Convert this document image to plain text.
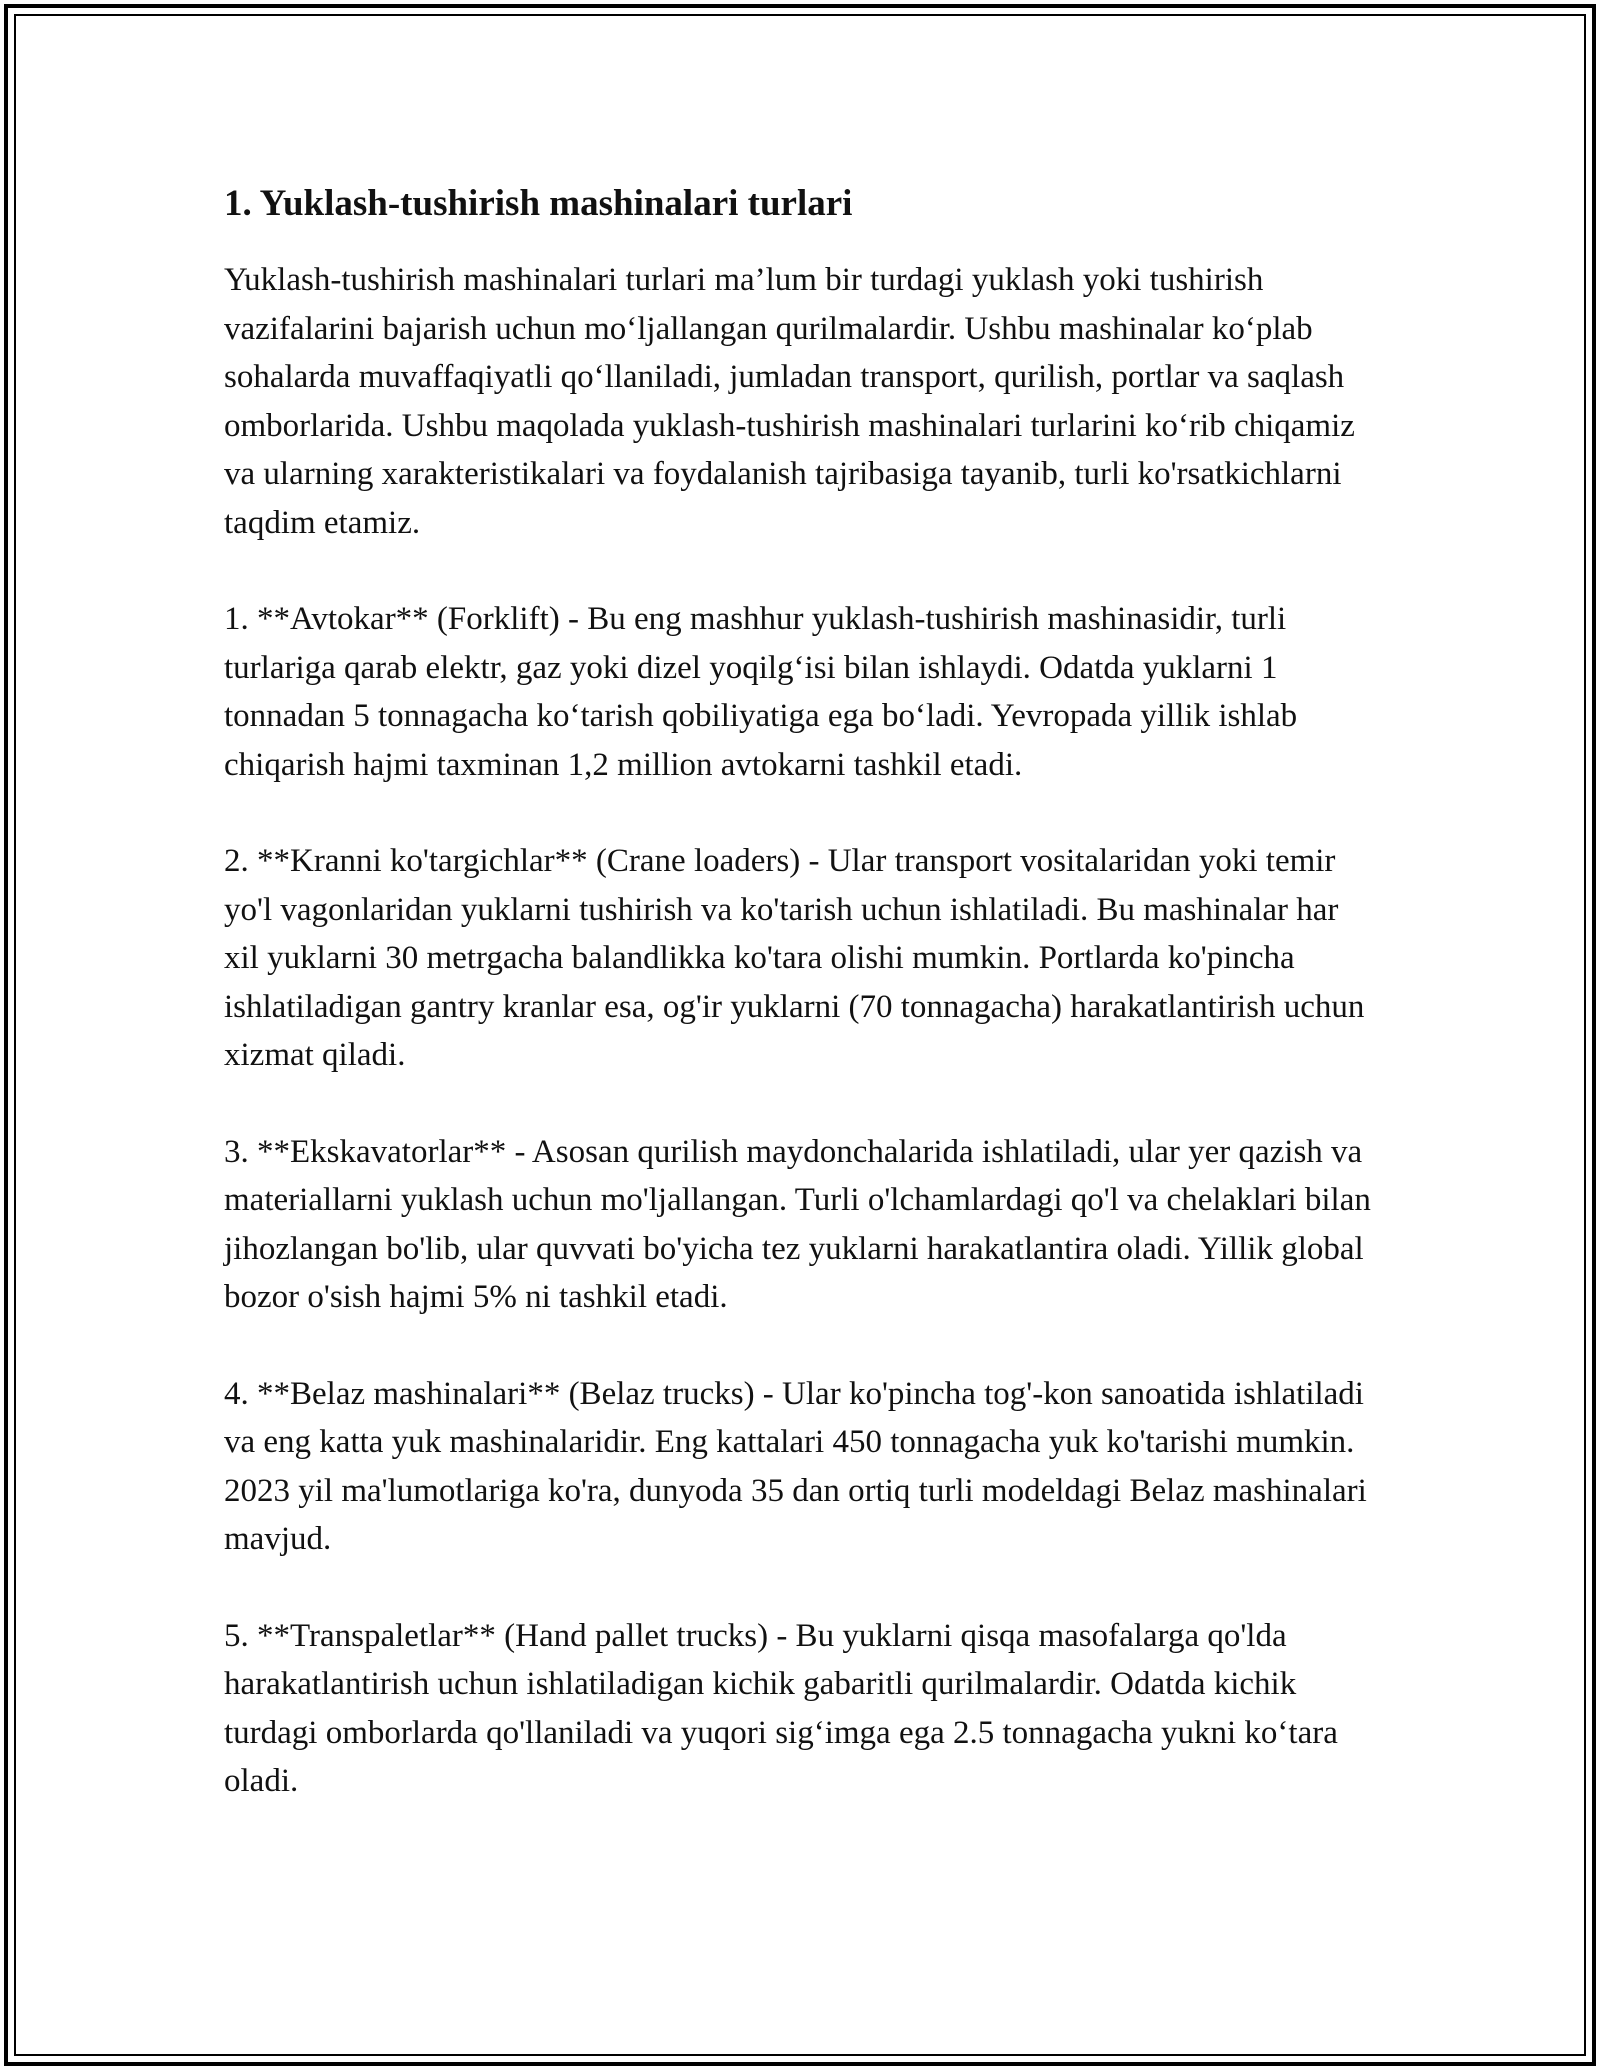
1. Yuklash-tushirish mashinalari turlari

Yuklash-tushirish mashinalari turlari ma’lum bir turdagi yuklash yoki tushirish vazifalarini bajarish uchun mo‘ljallangan qurilmalardir. Ushbu mashinalar ko‘plab sohalarda muvaffaqiyatli qo‘llaniladi, jumladan transport, qurilish, portlar va saqlash omborlarida. Ushbu maqolada yuklash-tushirish mashinalari turlarini ko‘rib chiqamiz va ularning xarakteristikalari va foydalanish tajribasiga tayanib, turli ko'rsatkichlarni taqdim etamiz.

1. **Avtokar** (Forklift) - Bu eng mashhur yuklash-tushirish mashinasidir, turli turlariga qarab elektr, gaz yoki dizel yoqilg‘isi bilan ishlaydi. Odatda yuklarni 1 tonnadan 5 tonnagacha ko‘tarish qobiliyatiga ega bo‘ladi. Yevropada yillik ishlab chiqarish hajmi taxminan 1,2 million avtokarni tashkil etadi.

2. **Kranni ko'targichlar** (Crane loaders) - Ular transport vositalaridan yoki temir yo'l vagonlaridan yuklarni tushirish va ko'tarish uchun ishlatiladi. Bu mashinalar har xil yuklarni 30 metrgacha balandlikka ko'tara olishi mumkin. Portlarda ko'pincha ishlatiladigan gantry kranlar esa, og'ir yuklarni (70 tonnagacha) harakatlantirish uchun xizmat qiladi.

3. **Ekskavatorlar** - Asosan qurilish maydonchalarida ishlatiladi, ular yer qazish va materiallarni yuklash uchun mo'ljallangan. Turli o'lchamlardagi qo'l va chelaklari bilan jihozlangan bo'lib, ular quvvati bo'yicha tez yuklarni harakatlantira oladi. Yillik global bozor o'sish hajmi 5% ni tashkil etadi.

4. **Belaz mashinalari** (Belaz trucks) - Ular ko'pincha tog'-kon sanoatida ishlatiladi va eng katta yuk mashinalaridir. Eng kattalari 450 tonnagacha yuk ko'tarishi mumkin. 2023 yil ma'lumotlariga ko'ra, dunyoda 35 dan ortiq turli modeldagi Belaz mashinalari mavjud.

5. **Transpaletlar** (Hand pallet trucks) - Bu yuklarni qisqa masofalarga qo'lda harakatlantirish uchun ishlatiladigan kichik gabaritli qurilmalardir. Odatda kichik turdagi omborlarda qo'llaniladi va yuqori sig‘imga ega 2.5 tonnagacha yukni ko‘tara oladi.
